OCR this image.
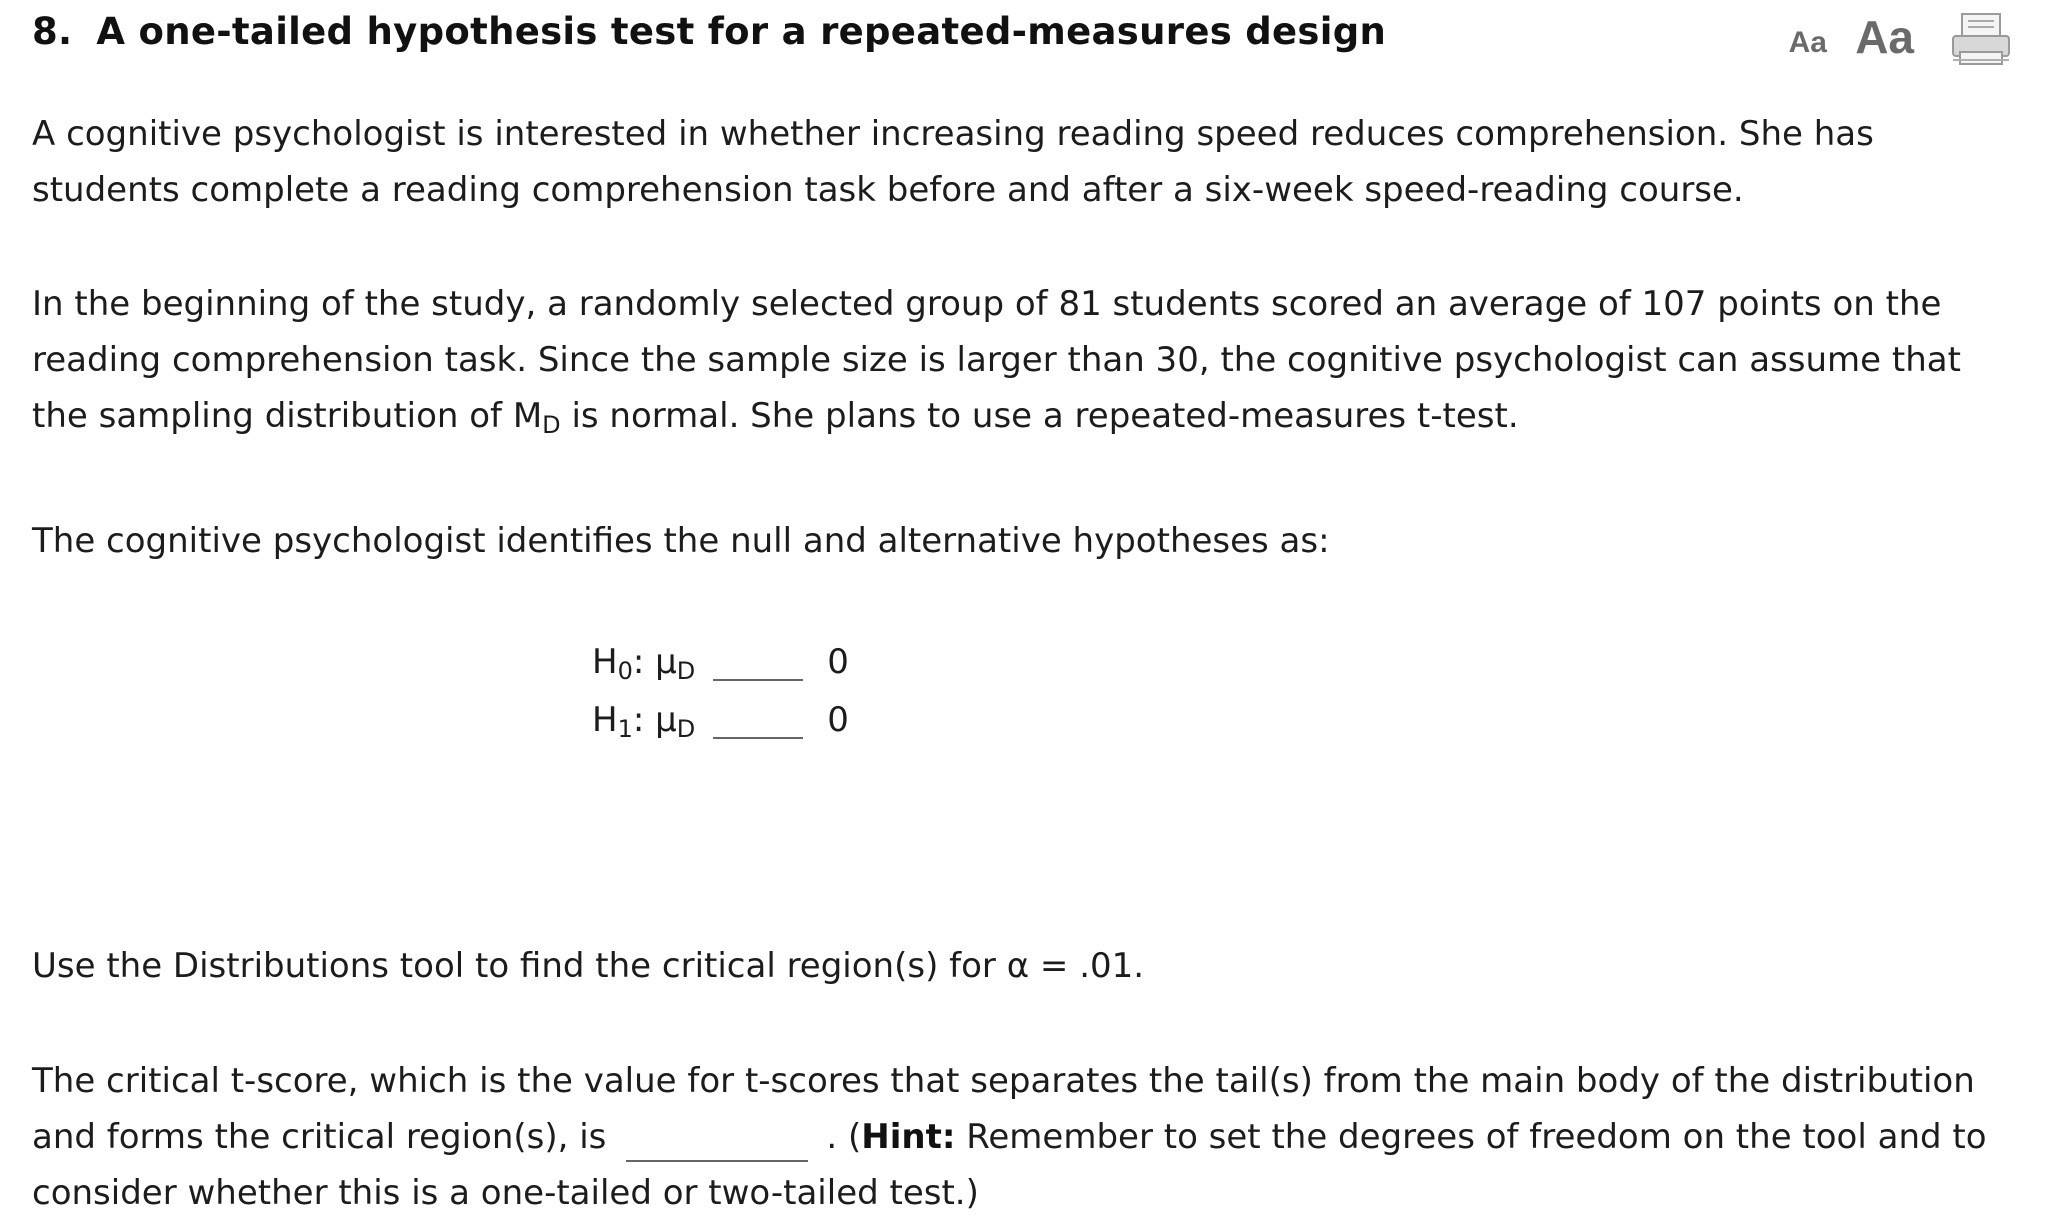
8. A one-tailed hypothesis test for a repeated-measures design	Aa Aa

A cognitive psychologist is interested in whether increasing reading speed reduces comprehension. She has students complete a reading comprehension task before and after a six-week speed-reading course.

In the beginning of the study, a randomly selected group of 81 students scored an average of 107 points on the reading comprehension task. Since the sample size is larger than 30, the cognitive psychologist can assume that the sampling distribution of $M_D$ is normal. She plans to use a repeated-measures t-test.

The cognitive psychologist identifies the null and alternative hypotheses as:

$H_0$: $\mu_D$	0
$H_1$: $\mu_D$	0

Use the Distributions tool to find the critical region(s) for α = .01.

The critical t-score, which is the value for t-scores that separates the tail(s) from the main body of the distribution and forms the critical region(s), is	. (Hint: Remember to set the degrees of freedom on the tool and to consider whether this is a one-tailed or two-tailed test.)
